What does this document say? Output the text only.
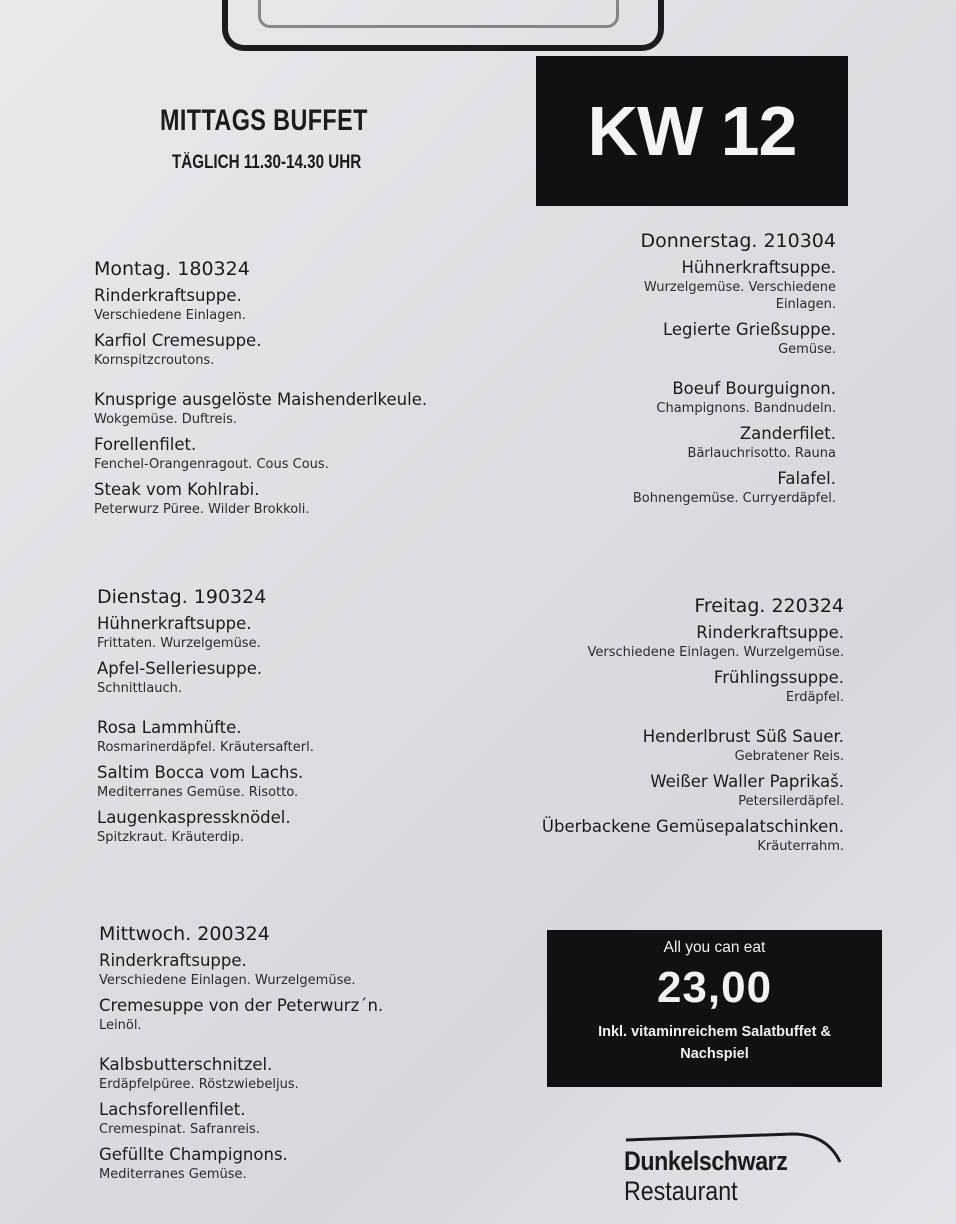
MITTAGS BUFFET
TÄGLICH 11.30-14.30 UHR	KW 12
Montag. 180324
Rinderkraftsuppe.
Verschiedene Einlagen.
Karfiol Cremesuppe.
Kornspitzcroutons.
Knusprige ausgelöste Maishenderlkeule.
Wokgemüse. Duftreis.
Forellenfilet.
Fenchel-Orangenragout. Cous Cous.
Steak vom Kohlrabi.
Peterwurz Püree. Wilder Brokkoli.
Dienstag. 190324
Hühnerkraftsuppe.
Frittaten. Wurzelgemüse.
Apfel-Selleriesuppe.
Schnittlauch.
Rosa Lammhüfte.
Rosmarinerdäpfel. Kräutersafterl.
Saltim Bocca vom Lachs.
Mediterranes Gemüse. Risotto.
Laugenkaspressknödel.
Spitzkraut. Kräuterdip.
Mittwoch. 200324
Rinderkraftsuppe.
Verschiedene Einlagen. Wurzelgemüse.
Cremesuppe von der Peterwurz´n.
Leinöl.
Kalbsbutterschnitzel.
Erdäpfelpüree. Röstzwiebeljus.
Lachsforellenfilet.
Cremespinat. Safranreis.
Gefüllte Champignons.
Mediterranes Gemüse.
Donnerstag. 210304
Hühnerkraftsuppe.
Wurzelgemüse. Verschiedene
Einlagen.
Legierte Grießsuppe.
Gemüse.
Boeuf Bourguignon.
Champignons. Bandnudeln.
Zanderfilet.
Bärlauchrisotto. Rauna
Falafel.
Bohnengemüse. Curryerdäpfel.
Freitag. 220324
Rinderkraftsuppe.
Verschiedene Einlagen. Wurzelgemüse.
Frühlingssuppe.
Erdäpfel.
Henderlbrust Süß Sauer.
Gebratener Reis.
Weißer Waller Paprikaš.
Petersilerdäpfel.
Überbackene Gemüsepalatschinken.
Kräuterrahm.
All you can eat
23,00
Inkl. vitaminreichem Salatbuffet & Nachspiel
Dunkelschwarz
Restaurant
